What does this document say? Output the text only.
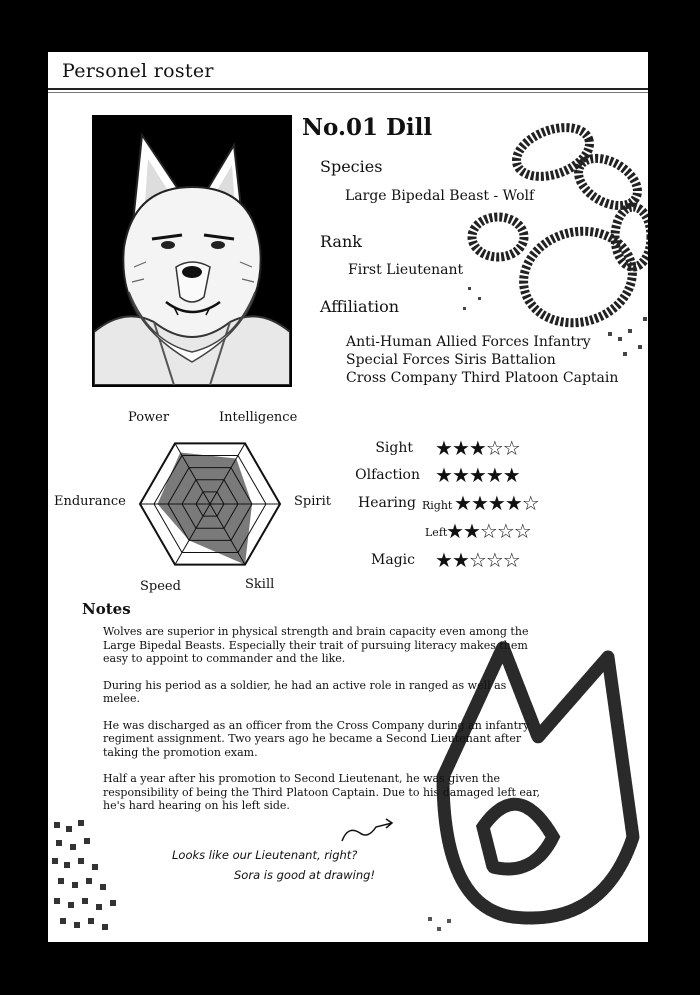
Personel roster
No.01 Dill
Species
Large Bipedal Beast - Wolf
Rank
First Lieutenant
Affiliation
Anti-Human Allied Forces Infantry
Special Forces Siris Battalion
Cross Company Third Platoon Captain
Power	Intelligence
Spirit
Skill
Speed
Endurance
Sight ★★★☆☆
Olfaction ★★★★★
Hearing Right ★★★★☆
Left
★★☆☆☆
Magic ★★☆☆☆
Notes

Wolves are superior in physical strength and brain capacity even among the Large Bipedal Beasts. Especially their trait of pursuing literacy makes them easy to appoint to commander and the like.

During his period as a soldier, he had an active role in ranged as well as melee.

He was discharged as an officer from the Cross Company during an infantry regiment assignment. Two years ago he became a Second Lieutenant after taking the promotion exam.

Half a year after his promotion to Second Lieutenant, he was given the responsibility of being the Third Platoon Captain. Due to his damaged left ear, he's hard hearing on his left side.

Looks like our Lieutenant, right?
Sora is good at drawing!
